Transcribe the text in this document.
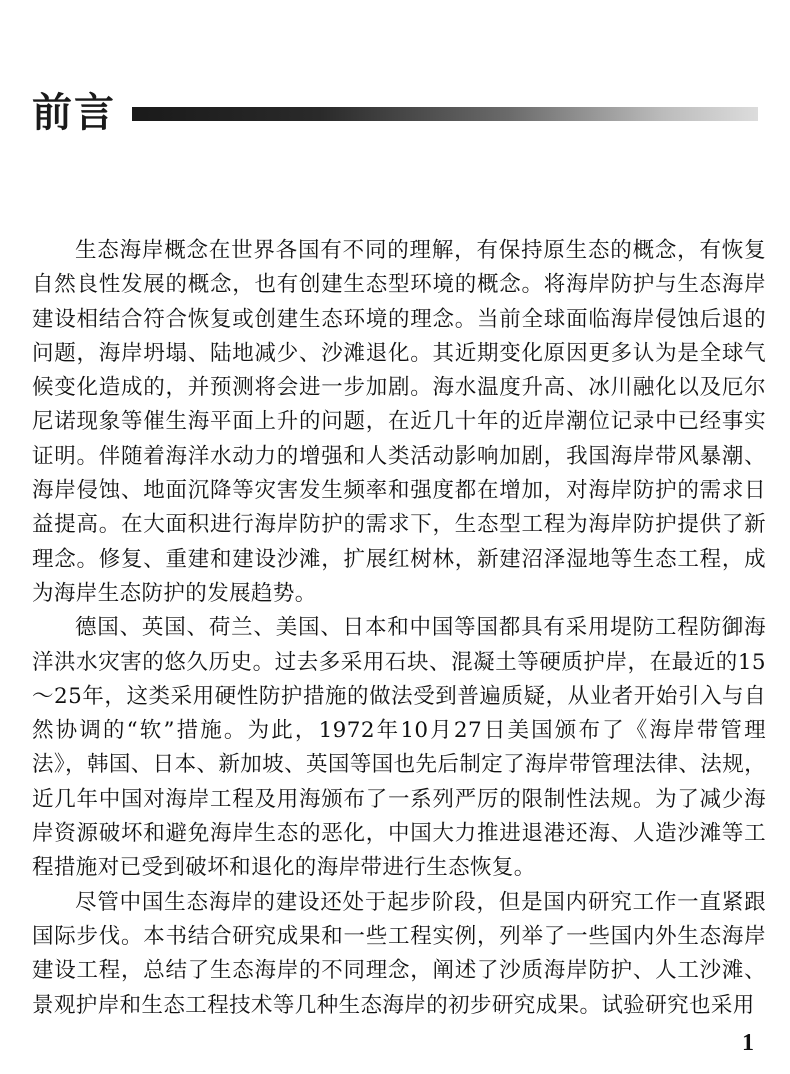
前言

生态海岸概念在世界各国有不同的理解，有保持原生态的概念，有恢复自然良性发展的概念，也有创建生态型环境的概念。将海岸防护与生态海岸建设相结合符合恢复或创建生态环境的理念。当前全球面临海岸侵蚀后退的问题，海岸坍塌、陆地减少、沙滩退化。其近期变化原因更多认为是全球气候变化造成的，并预测将会进一步加剧。海水温度升高、冰川融化以及厄尔尼诺现象等催生海平面上升的问题，在近几十年的近岸潮位记录中已经事实证明。伴随着海洋水动力的增强和人类活动影响加剧，我国海岸带风暴潮、海岸侵蚀、地面沉降等灾害发生频率和强度都在增加，对海岸防护的需求日益提高。在大面积进行海岸防护的需求下，生态型工程为海岸防护提供了新理念。修复、重建和建设沙滩，扩展红树林，新建沼泽湿地等生态工程，成为海岸生态防护的发展趋势。

德国、英国、荷兰、美国、日本和中国等国都具有采用堤防工程防御海洋洪水灾害的悠久历史。过去多采用石块、混凝土等硬质护岸，在最近的15～25年，这类采用硬性防护措施的做法受到普遍质疑，从业者开始引入与自然协调的“软”措施。为此，1972年10月27日美国颁布了《海岸带管理法》，韩国、日本、新加坡、英国等国也先后制定了海岸带管理法律、法规，近几年中国对海岸工程及用海颁布了一系列严厉的限制性法规。为了减少海岸资源破坏和避免海岸生态的恶化，中国大力推进退港还海、人造沙滩等工程措施对已受到破坏和退化的海岸带进行生态恢复。

尽管中国生态海岸的建设还处于起步阶段，但是国内研究工作一直紧跟国际步伐。本书结合研究成果和一些工程实例，列举了一些国内外生态海岸建设工程，总结了生态海岸的不同理念，阐述了沙质海岸防护、人工沙滩、景观护岸和生态工程技术等几种生态海岸的初步研究成果。试验研究也采用

1
